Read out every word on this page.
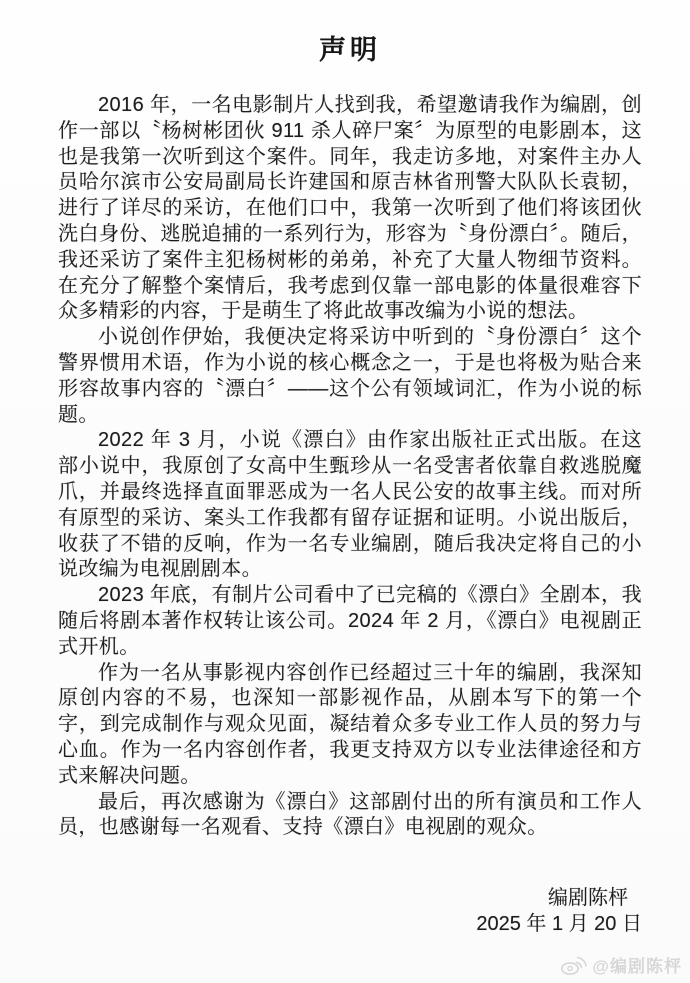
声明

2016 年，一名电影制片人找到我，希望邀请我作为编剧，创作一部以〝杨树彬团伙 911 杀人碎尸案〞为原型的电影剧本，这也是我第一次听到这个案件。同年，我走访多地，对案件主办人员哈尔滨市公安局副局长许建国和原吉林省刑警大队队长袁韧，进行了详尽的采访，在他们口中，我第一次听到了他们将该团伙洗白身份、逃脱追捕的一系列行为，形容为〝身份漂白〞。随后，我还采访了案件主犯杨树彬的弟弟，补充了大量人物细节资料。在充分了解整个案情后，我考虑到仅靠一部电影的体量很难容下众多精彩的内容，于是萌生了将此故事改编为小说的想法。

小说创作伊始，我便决定将采访中听到的〝身份漂白〞这个警界惯用术语，作为小说的核心概念之一，于是也将极为贴合来形容故事内容的〝漂白〞——这个公有领域词汇，作为小说的标题。

2022 年 3 月，小说《漂白》由作家出版社正式出版。在这部小说中，我原创了女高中生甄珍从一名受害者依靠自救逃脱魔爪，并最终选择直面罪恶成为一名人民公安的故事主线。而对所有原型的采访、案头工作我都有留存证据和证明。小说出版后，收获了不错的反响，作为一名专业编剧，随后我决定将自己的小说改编为电视剧剧本。

2023 年底，有制片公司看中了已完稿的《漂白》全剧本，我随后将剧本著作权转让该公司。2024 年 2 月，《漂白》电视剧正式开机。

作为一名从事影视内容创作已经超过三十年的编剧，我深知原创内容的不易，也深知一部影视作品，从剧本写下的第一个字，到完成制作与观众见面，凝结着众多专业工作人员的努力与心血。作为一名内容创作者，我更支持双方以专业法律途径和方式来解决问题。

最后，再次感谢为《漂白》这部剧付出的所有演员和工作人员，也感谢每一名观看、支持《漂白》电视剧的观众。

编剧陈枰
2025 年 1 月 20 日
@编剧陈枰
